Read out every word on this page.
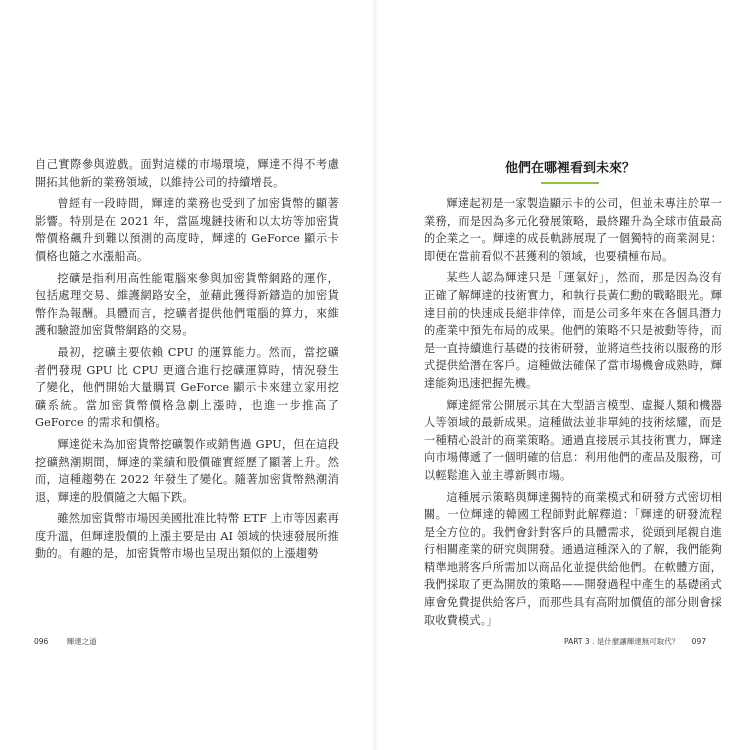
自己實際參與遊戲。面對這樣的市場環境，輝達不得不考慮開拓其他新的業務領域，以維持公司的持續增長。

曾經有一段時間，輝達的業務也受到了加密貨幣的顯著影響。特別是在 2021 年，當區塊鏈技術和以太坊等加密貨幣價格飆升到難以預測的高度時，輝達的 GeForce 顯示卡價格也隨之水漲船高。

挖礦是指利用高性能電腦來參與加密貨幣網路的運作，包括處理交易、維護網路安全，並藉此獲得新鑄造的加密貨幣作為報酬。具體而言，挖礦者提供他們電腦的算力，來維護和驗證加密貨幣網路的交易。

最初，挖礦主要依賴 CPU 的運算能力。然而，當挖礦者們發現 GPU 比 CPU 更適合進行挖礦運算時，情況發生了變化，他們開始大量購買 GeForce 顯示卡來建立家用挖礦系統。當加密貨幣價格急劇上漲時，也進一步推高了 GeForce 的需求和價格。

輝達從未為加密貨幣挖礦製作或銷售過 GPU，但在這段挖礦熱潮期間，輝達的業績和股價確實經歷了顯著上升。然而，這種趨勢在 2022 年發生了變化。隨著加密貨幣熱潮消退，輝達的股價隨之大幅下跌。

雖然加密貨幣市場因美國批准比特幣 ETF 上市等因素再度升溫，但輝達股價的上漲主要是由 AI 領域的快速發展所推動的。有趣的是，加密貨幣市場也呈現出類似的上漲趨勢

096 輝達之道
他們在哪裡看到未來？

輝達起初是一家製造顯示卡的公司，但並未專注於單一業務，而是因為多元化發展策略，最終躍升為全球市值最高的企業之一。輝達的成長軌跡展現了一個獨特的商業洞見：即便在當前看似不甚獲利的領域，也要積極布局。

某些人認為輝達只是「運氣好」，然而，那是因為沒有正確了解輝達的技術實力，和執行長黃仁勳的戰略眼光。輝達目前的快速成長絕非倖倖，而是公司多年來在各個具潛力的產業中預先布局的成果。他們的策略不只是被動等待，而是一直持續進行基礎的技術研發，並將這些技術以服務的形式提供給潛在客戶。這種做法確保了當市場機會成熟時，輝達能夠迅速把握先機。

輝達經常公開展示其在大型語言模型、虛擬人類和機器人等領域的最新成果。這種做法並非單純的技術炫耀，而是一種精心設計的商業策略。通過直接展示其技術實力，輝達向市場傳遞了一個明確的信息：利用他們的產品及服務，可以輕鬆進入並主導新興市場。

這種展示策略與輝達獨特的商業模式和研發方式密切相關。一位輝達的韓國工程師對此解釋道：「輝達的研發流程是全方位的。我們會針對客戶的具體需求，從頭到尾親自進行相關產業的研究與開發。通過這種深入的了解，我們能夠精準地將客戶所需加以商品化並提供給他們。在軟體方面，我們採取了更為開放的策略——開發過程中產生的基礎函式庫會免費提供給客戶，而那些具有高附加價值的部分則會採取收費模式。」

PART 3 . 是什麼讓輝達無可取代？ 097
